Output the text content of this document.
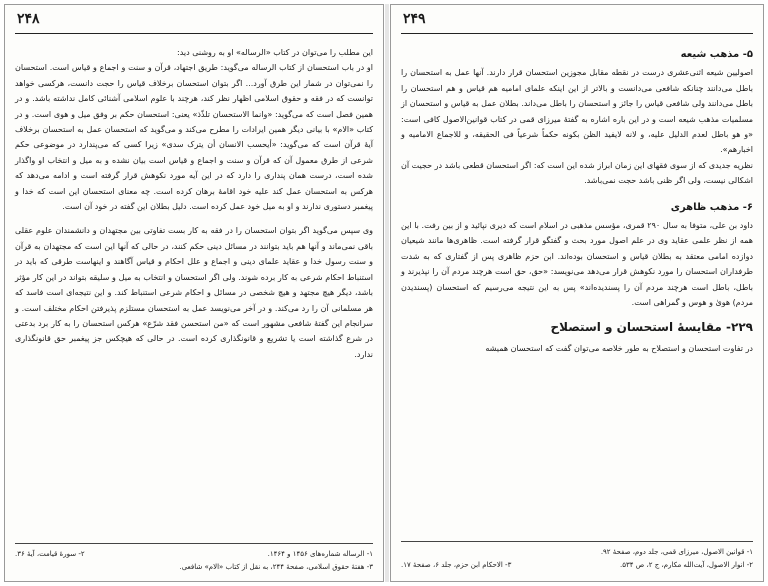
۲۴۸

این مطلب را می‌توان در کتاب «الرساله» او به روشنی دید:

او در باب استحسان از کتاب الرساله می‌گوید: طریق اجتهاد، قرآن و سنت و اجماع و قیاس است. استحسان را نمی‌توان در شمار این طرق آورد... اگر بتوان استحسان برخلاف قیاس را حجت دانست، هرکسی خواهد توانست که در فقه و حقوق اسلامی اظهار نظر کند، هرچند با علوم اسلامی آشنائی کامل نداشته باشد. و در همین فصل است که می‌گوید: «وانما الاستحسان تلذّذ» یعنی: استحسان حکم بر وفق میل و هوی است. و در کتاب «الام» با بیانی دیگر همین ایرادات را مطرح می‌کند و می‌گوید که استحسان عمل به استحسان برخلاف آیهٔ قرآن است که می‌گوید: «أیحسب الانسان أن یترک سدی» زیرا کسی که می‌پندارد در موضوعی حکم شرعی از طرق معمول آن که قرآن و سنت و اجماع و قیاس است بیان نشده و به میل و انتخاب او واگذار شده است، درست همان پنداری را دارد که در این آیه مورد نکوهش قرار گرفته است و ادامه می‌دهد که هرکس به استحسان عمل کند علیه خود اقامهٔ برهان کرده است. چه معنای استحسان این است که خدا و پیغمبر دستوری ندارند و او به میل خود عمل کرده است. دلیل بطلان این گفته در خود آن است.

وی سپس می‌گوید اگر بتوان استحسان را در فقه به کار بست تفاوتی بین مجتهدان و دانشمندان علوم عقلی باقی نمی‌ماند و آنها هم باید بتوانند در مسائل دینی حکم کنند، در حالی که آنها این است که مجتهدان به قرآن و سنت رسول خدا و عقاید علمای دینی و اجماع و علل احکام و قیاس آگاهند و اینهاست طرقی که باید در استنباط احکام شرعی به کار برده شوند. ولی اگر استحسان و انتخاب به میل و سلیقه بتواند در این کار مؤثر باشد، دیگر هیچ مجتهد و هیچ شخصی در مسائل و احکام شرعی استنباط کند. و این نتیجه‌ای است فاسد که هر مسلمانی آن را رد می‌کند. و در آخر می‌نویسد عمل به استحسان مستلزم پذیرفتن احکام مختلف است. و سرانجام این گفتهٔ شافعی مشهور است که «من استحسن فقد شرّع» هرکس استحسان را به کار برد بدعتی در شرع گذاشته است یا تشریع و قانونگذاری کرده است. در حالی که هیچکس جز پیغمبر حق قانونگذاری ندارد.

۱- الرساله شماره‌های ۱۴۵۶ و ۱۴۶۴.
۲- سورهٔ قیامت، آیهٔ ۳۶.
۳- هفتهٔ حقوق اسلامی، صفحهٔ ۲۴۴، به نقل از کتاب «الام» شافعی.
۲۴۹
۵- مذهب شیعه

اصولیین شیعه اثنی‌عشری درست در نقطه مقابل مجوزین استحسان قرار دارند. آنها عمل به استحسان را باطل می‌دانند چنانکه شافعی می‌دانست و بالاتر از این اینکه علمای امامیه هم قیاس و هم استحسان را باطل می‌دانند ولی شافعی قیاس را جائز و استحسان را باطل می‌داند. بطلان عمل به قیاس و استحسان از مسلمیات مذهب شیعه است و در این باره اشاره به گفتهٔ میرزای قمی در کتاب قوانین‌الاصول کافی است: «و هو باطل لعدم الدلیل علیه، و لانه لایفید الظن بکونه حکماً شرعیاً فی الحقیقه، و للاجماع الامامیه و اخبارهم».

نظریه جدیدی که از سوی فقهای این زمان ابراز شده این است که: اگر استحسان قطعی باشد در حجیت آن اشکالی نیست، ولی اگر ظنی باشد حجت نمی‌باشد.

۶- مذهب ظاهری

داود بن علی، متوفا به سال ۲۹۰ قمری، مؤسس مذهبی در اسلام است که دیری نپائید و از بین رفت. با این همه از نظر علمی عقاید وی در علم اصول مورد بحث و گفتگو قرار گرفته است. ظاهری‌ها مانند شیعیان دوازده امامی معتقد به بطلان قیاس و استحسان بوده‌اند. ابن حزم ظاهری پس از گفتاری که به شدت طرفداران استحسان را مورد نکوهش قرار می‌دهد می‌نویسد: «حق، حق است هرچند مردم آن را نپذیرند و باطل، باطل است هرچند مردم آن را پسندیده‌اند» پس به این نتیجه می‌رسیم که استحسان (پسندیدن مردم) هویٰ و هوس و گمراهی است.

۲۲۹- مقایسهٔ استحسان و استصلاح

در تفاوت استحسان و استصلاح به طور خلاصه می‌توان گفت که استحسان همیشه

۱- قوانین الاصول، میرزای قمی، جلد دوم، صفحهٔ ۹۲.
۲- انوار الاصول، آیت‌الله مکارم، ج ۲، ص ۵۳۴.
۳- الاحکام ابن حزم، جلد ۶، صفحهٔ ۱۷.
